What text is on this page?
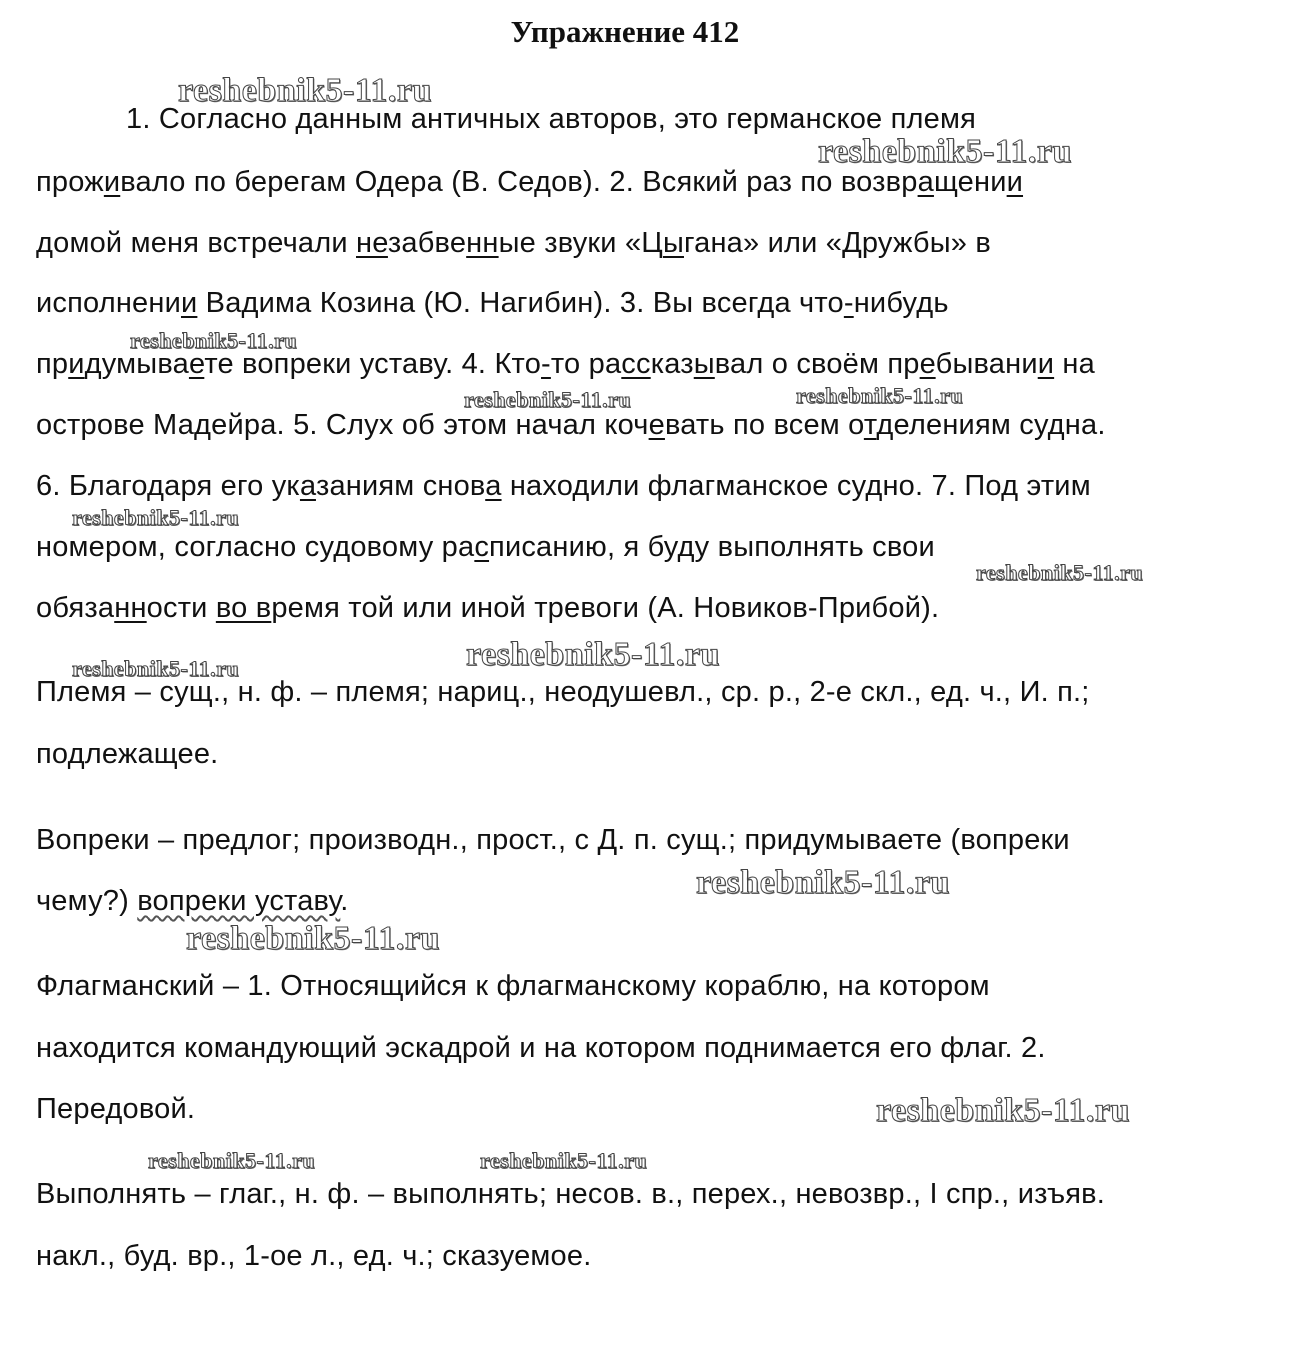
Упражнение 412
1. Согласно данным античных авторов, это германское племя
проживало по берегам Одера (В. Седов). 2. Всякий раз по возвращении
домой меня встречали незабвенные звуки «Цыгана» или «Дружбы» в
исполнении Вадима Козина (Ю. Нагибин). 3. Вы всегда что-нибудь
придумываете вопреки уставу. 4. Кто-то рассказывал о своём пребывании на
острове Мадейра. 5. Слух об этом начал кочевать по всем отделениям судна.
6. Благодаря его указаниям снова находили флагманское судно. 7. Под этим
номером, согласно судовому расписанию, я буду выполнять свои
обязанности во время той или иной тревоги (А. Новиков-Прибой).
Племя – сущ., н. ф. – племя; нариц., неодушевл., ср. р., 2-е скл., ед. ч., И. п.;
подлежащее.
Вопреки – предлог; производн., прост., с Д. п. сущ.; придумываете (вопреки
чему?) вопреки уставу.
Флагманский – 1. Относящийся к флагманскому кораблю, на котором
находится командующий эскадрой и на котором поднимается его флаг. 2.
Передовой.
Выполнять – глаг., н. ф. – выполнять; несов. в., перех., невозвр., I спр., изъяв.
накл., буд. вр., 1-ое л., ед. ч.; сказуемое.
reshebnik5-11.ru
reshebnik5-11.ru
reshebnik5-11.ru
reshebnik5-11.ru	reshebnik5-11.ru
reshebnik5-11.ru
reshebnik5-11.ru
reshebnik5-11.ru	reshebnik5-11.ru
reshebnik5-11.ru
reshebnik5-11.ru
reshebnik5-11.ru
reshebnik5-11.ru	reshebnik5-11.ru
